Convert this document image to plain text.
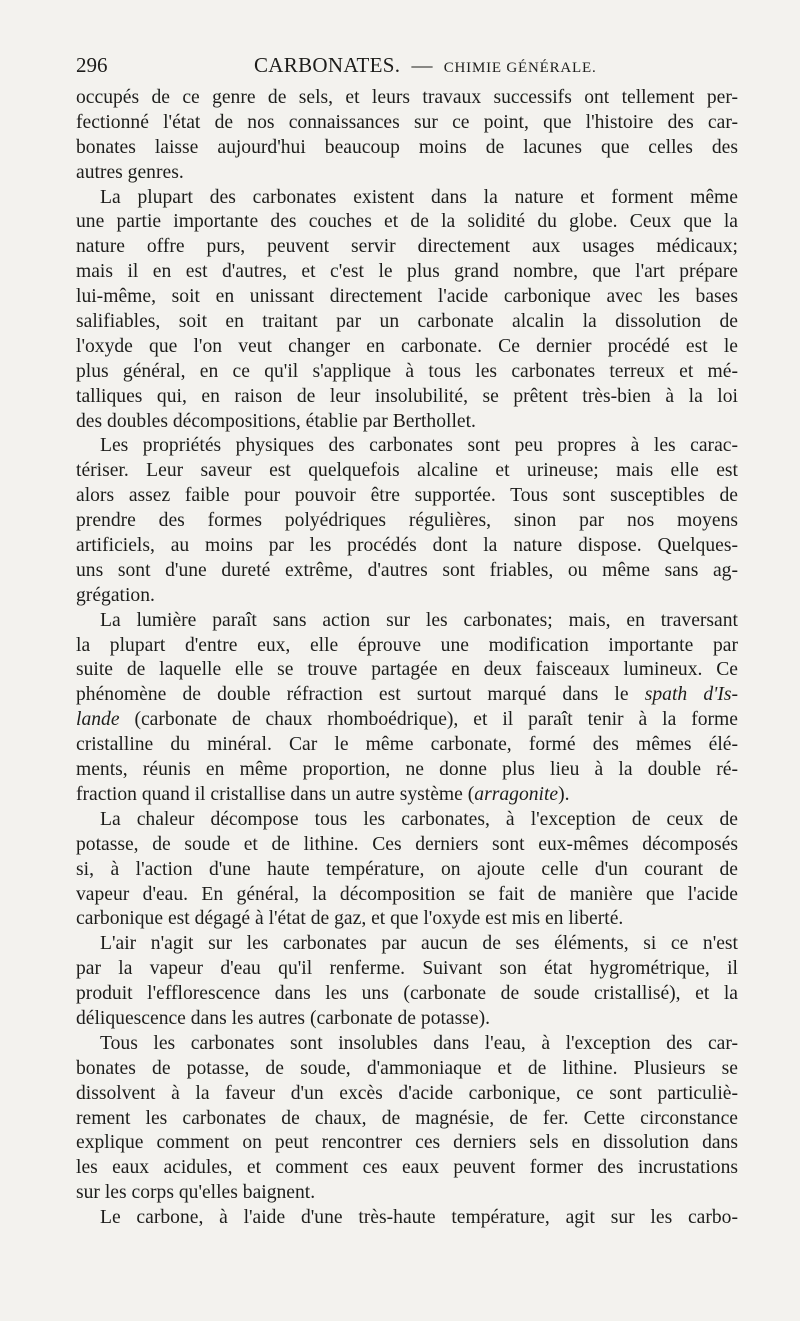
296	CARBONATES. — CHIMIE GÉNÉRALE.
occupés de ce genre de sels, et leurs travaux successifs ont tellement per-
fectionné l'état de nos connaissances sur ce point, que l'histoire des car-
bonates laisse aujourd'hui beaucoup moins de lacunes que celles des
autres genres.
La plupart des carbonates existent dans la nature et forment même
une partie importante des couches et de la solidité du globe. Ceux que la
nature offre purs, peuvent servir directement aux usages médicaux;
mais il en est d'autres, et c'est le plus grand nombre, que l'art prépare
lui-même, soit en unissant directement l'acide carbonique avec les bases
salifiables, soit en traitant par un carbonate alcalin la dissolution de
l'oxyde que l'on veut changer en carbonate. Ce dernier procédé est le
plus général, en ce qu'il s'applique à tous les carbonates terreux et mé-
talliques qui, en raison de leur insolubilité, se prêtent très-bien à la loi
des doubles décompositions, établie par Berthollet.
Les propriétés physiques des carbonates sont peu propres à les carac-
tériser. Leur saveur est quelquefois alcaline et urineuse; mais elle est
alors assez faible pour pouvoir être supportée. Tous sont susceptibles de
prendre des formes polyédriques régulières, sinon par nos moyens
artificiels, au moins par les procédés dont la nature dispose. Quelques-
uns sont d'une dureté extrême, d'autres sont friables, ou même sans ag-
grégation.
La lumière paraît sans action sur les carbonates; mais, en traversant
la plupart d'entre eux, elle éprouve une modification importante par
suite de laquelle elle se trouve partagée en deux faisceaux lumineux. Ce
phénomène de double réfraction est surtout marqué dans le spath d'Is-
lande (carbonate de chaux rhomboédrique), et il paraît tenir à la forme
cristalline du minéral. Car le même carbonate, formé des mêmes élé-
ments, réunis en même proportion, ne donne plus lieu à la double ré-
fraction quand il cristallise dans un autre système (arragonite).
La chaleur décompose tous les carbonates, à l'exception de ceux de
potasse, de soude et de lithine. Ces derniers sont eux-mêmes décomposés
si, à l'action d'une haute température, on ajoute celle d'un courant de
vapeur d'eau. En général, la décomposition se fait de manière que l'acide
carbonique est dégagé à l'état de gaz, et que l'oxyde est mis en liberté.
L'air n'agit sur les carbonates par aucun de ses éléments, si ce n'est
par la vapeur d'eau qu'il renferme. Suivant son état hygrométrique, il
produit l'efflorescence dans les uns (carbonate de soude cristallisé), et la
déliquescence dans les autres (carbonate de potasse).
Tous les carbonates sont insolubles dans l'eau, à l'exception des car-
bonates de potasse, de soude, d'ammoniaque et de lithine. Plusieurs se
dissolvent à la faveur d'un excès d'acide carbonique, ce sont particuliè-
rement les carbonates de chaux, de magnésie, de fer. Cette circonstance
explique comment on peut rencontrer ces derniers sels en dissolution dans
les eaux acidules, et comment ces eaux peuvent former des incrustations
sur les corps qu'elles baignent.
Le carbone, à l'aide d'une très-haute température, agit sur les carbo-
